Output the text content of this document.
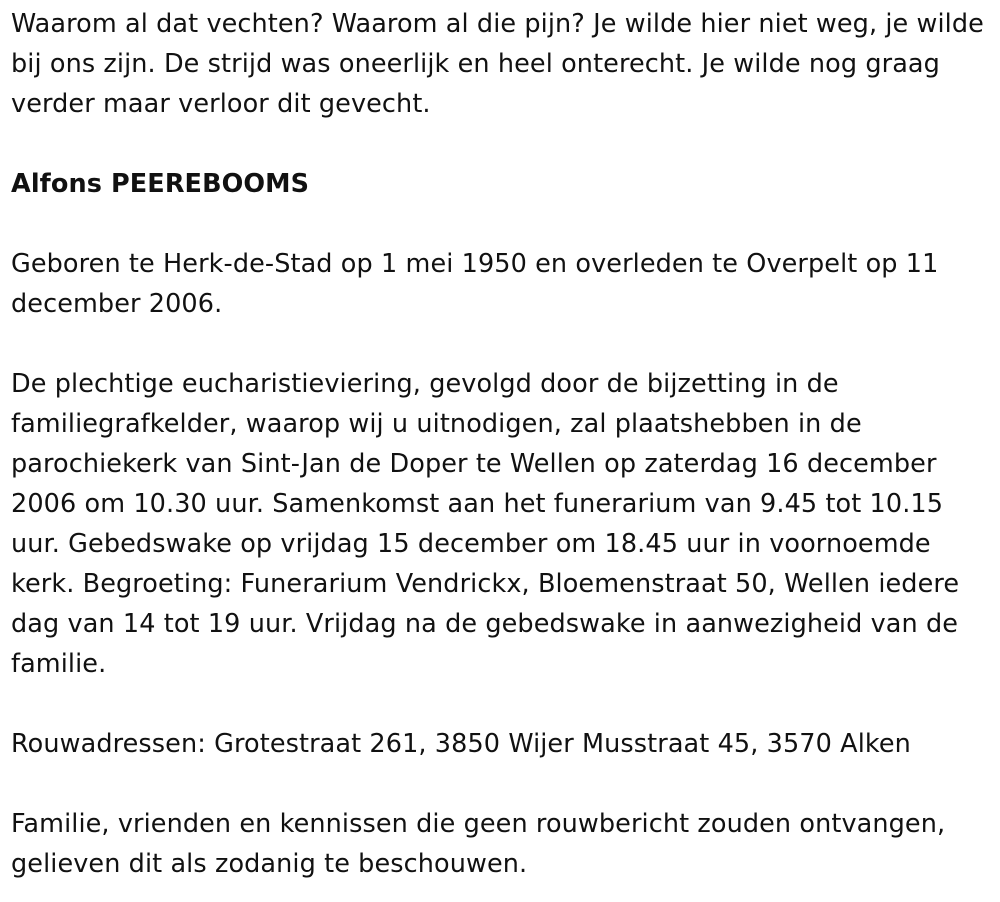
Waarom al dat vechten? Waarom al die pijn? Je wilde hier niet weg, je wilde bij ons zijn. De strijd was oneerlijk en heel onterecht. Je wilde nog graag verder maar verloor dit gevecht.

Alfons PEEREBOOMS

Geboren te Herk-de-Stad op 1 mei 1950 en overleden te Overpelt op 11 december 2006.

De plechtige eucharistieviering, gevolgd door de bijzetting in de familiegrafkelder, waarop wij u uitnodigen, zal plaatshebben in de parochiekerk van Sint-Jan de Doper te Wellen op zaterdag 16 december 2006 om 10.30 uur. Samenkomst aan het funerarium van 9.45 tot 10.15 uur. Gebedswake op vrijdag 15 december om 18.45 uur in voornoemde kerk. Begroeting: Funerarium Vendrickx, Bloemenstraat 50, Wellen iedere dag van 14 tot 19 uur. Vrijdag na de gebedswake in aanwezigheid van de familie.

Rouwadressen: Grotestraat 261, 3850 Wijer Musstraat 45, 3570 Alken

Familie, vrienden en kennissen die geen rouwbericht zouden ontvangen, gelieven dit als zodanig te beschouwen.
